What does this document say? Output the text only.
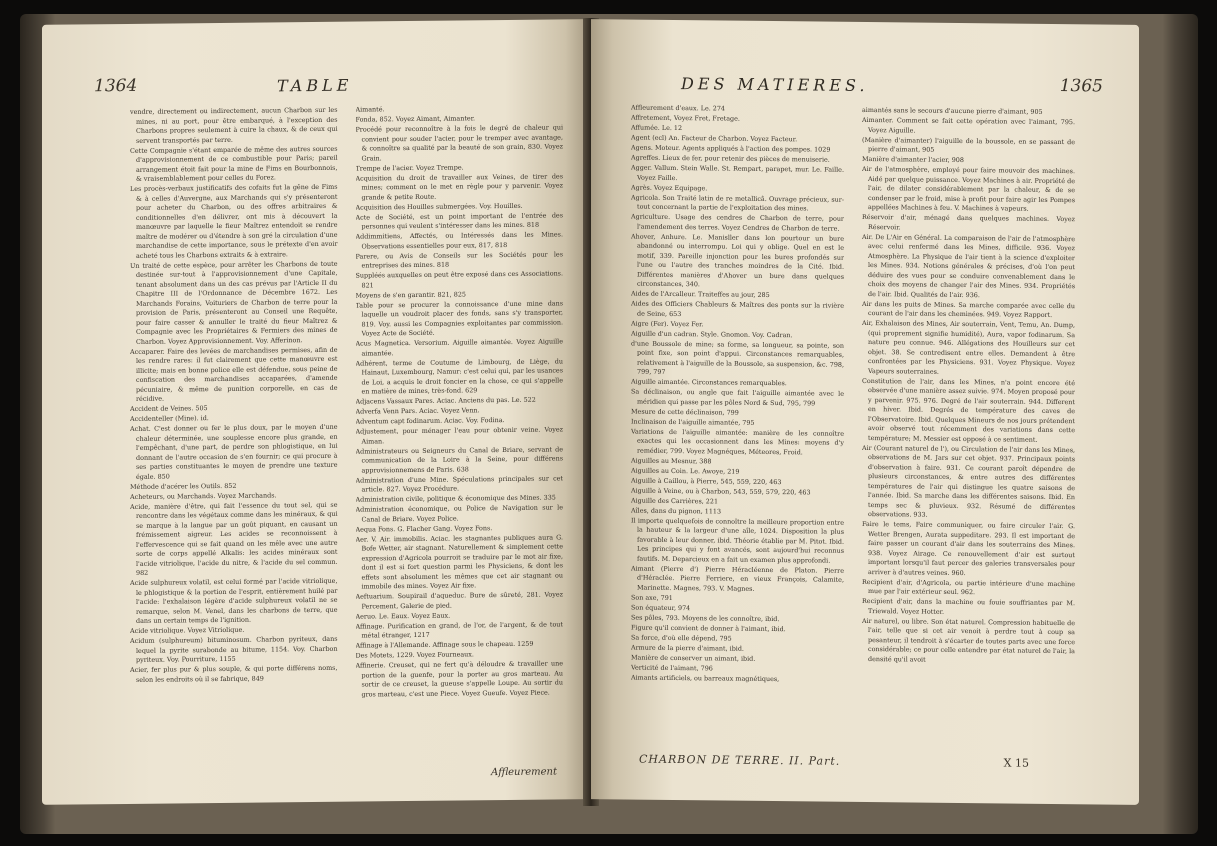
1364	TABLE

vendre, directement ou indirectement, aucun Charbon sur les mines, ni au port, pour être embarqué, à l'exception des Charbons propres seulement à cuire la chaux, & de ceux qui servent transportés par terre.

Cette Compagnie s'étant emparée de même des autres sources d'approvisionnement de ce combustible pour Paris; pareil arrangement étoit fait pour la mine de Fims en Bourbonnois, & vraisemblablement pour celles du Forez.

Les procès-verbaux justificatifs des cofaits fut la gêne de Fims & à celles d'Auvergne, aux Marchands qui s'y présenteront pour acheter du Charbon, ou des offres arbitraires & conditionnelles d'en délivrer, ont mis à découvert la manœuvre par laquelle le fieur Maîtrez entendoit se rendre maître de modérer ou d'étendre à son gré la circulation d'une marchandise de cette importance, sous le prétexte d'en avoir acheté tous les Charbons extraits & à extraire.

Un traité de cette espèce, pour arrêter les Charbons de toute destinée sur-tout à l'approvisionnement d'une Capitale, tenant absolument dans un des cas prévus par l'Article II du Chapitre III de l'Ordonnance de Décembre 1672. Les Marchands Forains, Voituriers de Charbon de terre pour la provision de Paris, présenteront au Conseil une Requête, pour faire casser & annuller le traité du fieur Maîtrez & Compagnie avec les Propriétaires & Fermiers des mines de Charbon. Voyez Approvisionnement. Voy. Afferinon.

Accaparer. Faire des levées de marchandises permises, afin de les rendre rares: il fut clairement que cette manœuvre est illicite; mais en bonne police elle est défendue, sous peine de confiscation des marchandises accaparées, d'amende pécuniaire, & même de punition corporelle, en cas de récidive.

Accident de Veines. 505

Accidenteller (Mine). id.

Achat. C'est donner ou fer le plus doux, par le moyen d'une chaleur déterminée, une souplesse encore plus grande, en l'empêchant, d'une part, de perdre son phlogistique, en lui donnant de l'autre occasion de s'en fournir; ce qui procure à ses parties constituantes le moyen de prendre une texture égale. 850

Méthode d'acérer les Outils. 852

Acheteurs, ou Marchands. Voyez Marchands.

Acide, manière d'être, qui fait l'essence du tout sel, qui se rencontre dans les végétaux comme dans les minéraux, & qui se marque à la langue par un goût piquant, en causant un frémissement aigreur. Les acides se reconnoissent à l'effervescence qui se fait quand on les mêle avec une autre sorte de corps appellé Alkalis: les acides minéraux sont l'acide vitriolique, l'acide du nitre, & l'acide du sel commun. 982

Acide sulphureux volatil, est celui formé par l'acide vitriolique, le phlogistique & la portion de l'esprit, entièrement huilé par l'acide: l'exhalaison légère d'acide sulphureux volatil ne se remarque, selon M. Venel, dans les charbons de terre, que dans un certain temps de l'ignition.

Acide vitriolique. Voyez Vitriolique.

Acidum (sulphureum) bituminosum. Charbon pyriteux, dans lequel la pyrite surabonde au bitume, 1154. Voy. Charbon pyriteux. Voy. Pourriture, 1155

Acier, fer plus pur & plus souple, & qui porte différens noms, selon les endroits où il se fabrique, 849

Aimanté.

Fonda, 852. Voyez Aimant, Aimanter.

Procédé pour reconnoître à la fois le degré de chaleur qui convient pour souder l'acier, pour le tremper avec avantage, & connoître sa qualité par la beauté de son grain, 830. Voyez Grain.

Trempe de l'acier. Voyez Trempe.

Acquisition du droit de travailler aux Veines, de tirer des mines; comment on le met en règle pour y parvenir. Voyez grande & petite Route.

Acquisition des Houilles submergées. Voy. Houilles.

Acte de Société, est un point important de l'entrée des personnes qui veulent s'intéresser dans les mines. 818

Addimmitiens, Affectés, ou Intéressés dans les Mines. Observations essentielles pour eux, 817, 818

Parere, ou Avis de Conseils sur les Sociétés pour les entreprises des mines. 818

Suppléés auxquelles on peut être exposé dans ces Associations. 821

Moyens de s'en garantir. 821, 825

Table pour se procurer la connoissance d'une mine dans laquelle un voudroit placer des fonds, sans s'y transporter, 819. Voy. aussi les Compagnies exploitantes par commission. Voyez Acte de Société.

Acus Magnetica. Versorium. Aiguille aimantée. Voyez Aiguille aimantée.

Adhérent, terme de Coutume de Limbourg, de Liège, du Hainaut, Luxembourg, Namur: c'est celui qui, par les usances de Loi, a acquis le droit foncier en la chose, ce qui s'appelle en matière de mines, très-fond. 629

Adjacens Vassaux Pares. Aciac. Anciens du pas. Le. 522

Adverfa Venn Pars. Aciac. Voyez Venn.

Adventum capt fodinarum. Aciac. Voy. Fodina.

Adjustement, pour ménager l'eau pour obtenir veine. Voyez Aiman.

Administrateurs ou Seigneurs du Canal de Briare, servant de communication de la Loire à la Seine, pour différens approvisionnemens de Paris. 638

Administration d'une Mine. Spéculations principales sur cet article. 827. Voyez Procédure.

Administration civile, politique & économique des Mines. 335

Administration économique, ou Police de Navigation sur le Canal de Briare. Voyez Police.

Aequa Fons. G. Flacher Gang. Voyez Fons.

Aer. V. Air. immobilis. Aciac. les stagnantes publiques aura G. Bofe Wetter, air stagnant. Naturellement & simplement cette expression d'Agricola pourroit se traduire par le mot air fixe, dont il est si fort question parmi les Physiciens, & dont les effets sont absolument les mêmes que cet air stagnant ou immobile des mines. Voyez Air fixe.

Aeftuarium. Soupirail d'aqueduc. Bure de sûreté, 281. Voyez Percement, Galerie de pied.

Aeruo. Le. Eaux. Voyez Eaux.

Affinage. Purification en grand, de l'or, de l'argent, & de tout métal étranger, 1217

Affinage à l'Allemande. Affinage sous le chapeau. 1259

Des Motets, 1229. Voyez Fourneaux.

Affinerie. Creuset, qui ne fert qu'à déloudre & travailler une portion de la guenfe, pour la porter au gros marteau. Au sortir de ce creuset, la gueuse s'appelle Loupe. Au sortir du gros marteau, c'est une Piece. Voyez Gueufe. Voyez Piece.

Affleurement
DES MATIERES.	1365

Affleurement d'eaux. Le. 274

Affretement, Voyez Fret, Fretage.

Affumée. Le. 12

Agent (ecl) An. Facteur de Charbon. Voyez Facteur.

Agens. Moteur. Agents appliqués à l'action des pompes. 1029

Agreffes. Lieux de fer, pour retenir des pièces de menuiserie.

Agger. Vallum. Stein Walle. St. Rempart, parapet, mur. Le. Faille. Voyez Faille.

Agrès. Voyez Equipage.

Agricola. Son Traité latin de re metallicâ. Ouvrage précieux, sur-tout concernant la partie de l'exploitation des mines.

Agriculture. Usage des cendres de Charbon de terre, pour l'amendement des terres. Voyez Cendres de Charbon de terre.

Ahover, Anhure. Le. Manisller dans lon pourtour un bure abandonné ou interrompu. Loi qui y oblige. Quel en est le motif, 339. Pareille injonction pour les bures profondés sur l'une ou l'autre des tranches moindres de la Cité. Ibid. Différentes manières d'Ahover un bure dans quelques circonstances, 340.

Aides de l'Arcalleur. Traiteffes au jour, 285

Aides des Officiers Chableurs & Maîtres des ponts sur la rivière de Seine, 653

Aigre (Fer). Voyez Fer.

Aiguille d'un cadran. Style. Gnomon. Voy. Cadran.

d'une Boussole de mine; sa forme, sa longueur, sa pointe, son point fixe, son point d'appui. Circonstances remarquables, relativement à l'aiguille de la Boussole, sa suspension, &c. 798, 799, 797

Aiguille aimantée. Circonstances remarquables.

Sa déclinaison, ou angle que fait l'aiguille aimantée avec le méridien qui passe par les pôles Nord & Sud, 795, 799

Mesure de cette déclinaison, 799

Inclinaison de l'aiguille aimantée, 795

Variations de l'aiguille aimantée: manière de les connoître exactes qui les occasionnent dans les Mines: moyens d'y remédier, 799. Voyez Magnéques, Méteores, Froid.

Aiguilles au Mesnur, 388

Aiguilles au Coin. Le. Awoye, 219

Aiguille à Caillou, à Pierre, 545, 559, 220, 463

Aiguille à Veine, ou à Charbon, 543, 559, 579, 220, 463

Aiguille des Carrières, 221

Aîles, dans du pignon, 1113

Il importe quelquefois de connoître la meilleure proportion entre la hauteur & la largeur d'une aîle, 1024. Disposition la plus favorable à leur donner, ibid. Théorie établie par M. Pitot. Ibid. Les principes qui y font avancés, sont aujourd'hui reconnus fautifs. M. Deparcieux en a fait un examen plus approfondi.

Aimant (Pierre d') Pierre Héracléenne de Platon. Pierre d'Héraclée. Pierre Ferriere, en vieux François, Calamite, Marinette. Magnes, 793. V. Magnes.

Son axe, 791

Son équateur, 974

Ses pôles, 793. Moyens de les connoître, ibid.

Figure qu'il convient de donner à l'aimant, ibid.

Sa force, d'où elle dépend, 795

Armure de la pierre d'aimant, ibid.

Manière de conserver un aimant, ibid.

Verticité de l'aimant, 796

Aimants artificiels, ou barreaux magnétiques,

aimantés sans le secours d'aucune pierre d'aimant, 905

Aimanter. Comment se fait cette opération avec l'aimant, 795. Voyez Aiguille.

(Manière d'aimanter) l'aiguille de la boussole, en se passant de pierre d'aimant, 905

Manière d'aimanter l'acier, 908

Air de l'atmosphère, employé pour faire mouvoir des machines. Aidé par quelque puissance. Voyez Machines à air. Propriété de l'air, de dilater considérablement par la chaleur, & de se condenser par le froid, mise à profit pour faire agir les Pompes appellées Machines à feu. V. Machines à vapeurs.

Réservoir d'air, ménagé dans quelques machines. Voyez Réservoir.

Air. De L'Air en Général. La comparaison de l'air de l'atmosphère avec celui renfermé dans les Mines, difficile. 936. Voyez Atmosphère. La Physique de l'air tient à la science d'exploiter les Mines. 934. Notions générales & précises, d'où l'on peut déduire des vues pour se conduire convenablement dans le choix des moyens de changer l'air des Mines. 934. Propriétés de l'air. Ibid. Qualités de l'air. 936.

Air dans les puits de Mines. Sa marche comparée avec celle du courant de l'air dans les cheminées. 949. Voyez Rapport.

Air, Exhalaison des Mines, Air souterrain, Vent, Temu, An. Dump, (qui proprement signifie humidité), Aura, vapor fodinarum. Sa nature peu connue. 946. Allégations des Houilleurs sur cet objet. 38. Se contredisent entre elles. Demandent à être confrontées par les Physiciens. 931. Voyez Physique. Voyez Vapeurs souterraines.

Constitution de l'air, dans les Mines, n'a point encore été observée d'une manière assez suivie. 974. Moyen proposé pour y parvenir. 975. 976. Degré de l'air souterrain. 944. Different en hiver. Ibid. Degrés de température des caves de l'Observatoire. Ibid. Quelques Mineurs de nos jours prétendent avoir observé tout récemment des variations dans cette température; M. Messier est opposé à ce sentiment.

Air (Courant naturel de l'), ou Circulation de l'air dans les Mines, observations de M. Jars sur cet objet. 937. Principaux points d'observation à faire. 931. Ce courant paroît dépendre de plusieurs circonstances, & entre autres des différentes températures de l'air qui distingue les quatre saisons de l'année. Ibid. Sa marche dans les différentes saisons. Ibid. En temps sec & pluvieux. 932. Résumé de différentes observations. 933.

Faire le tems, Faire communiquer, ou faire circuler l'air. G. Wetter Brengen, Aurata suppeditare. 293. Il est important de faire passer un courant d'air dans les souterrains des Mines. 938. Voyez Airage. Ce renouvellement d'air est surtout important lorsqu'il faut percer des galeries transversales pour arriver à d'autres veines. 960.

Recipient d'air, d'Agricola, ou partie intérieure d'une machine mue par l'air extérieur seul. 962.

Recipient d'air, dans la machine ou fouie souffriantes par M. Triewald. Voyez Hotter.

Air naturel, ou libre. Son état naturel. Compression habituelle de l'air, telle que si cet air venoit à perdre tout à coup sa pesanteur, il tendroit à s'écarter de toutes parts avec une force considérable; ce pour celle entendre par état naturel de l'air, la densité qu'il avoit

CHARBON DE TERRE. II. Part.	X 15
